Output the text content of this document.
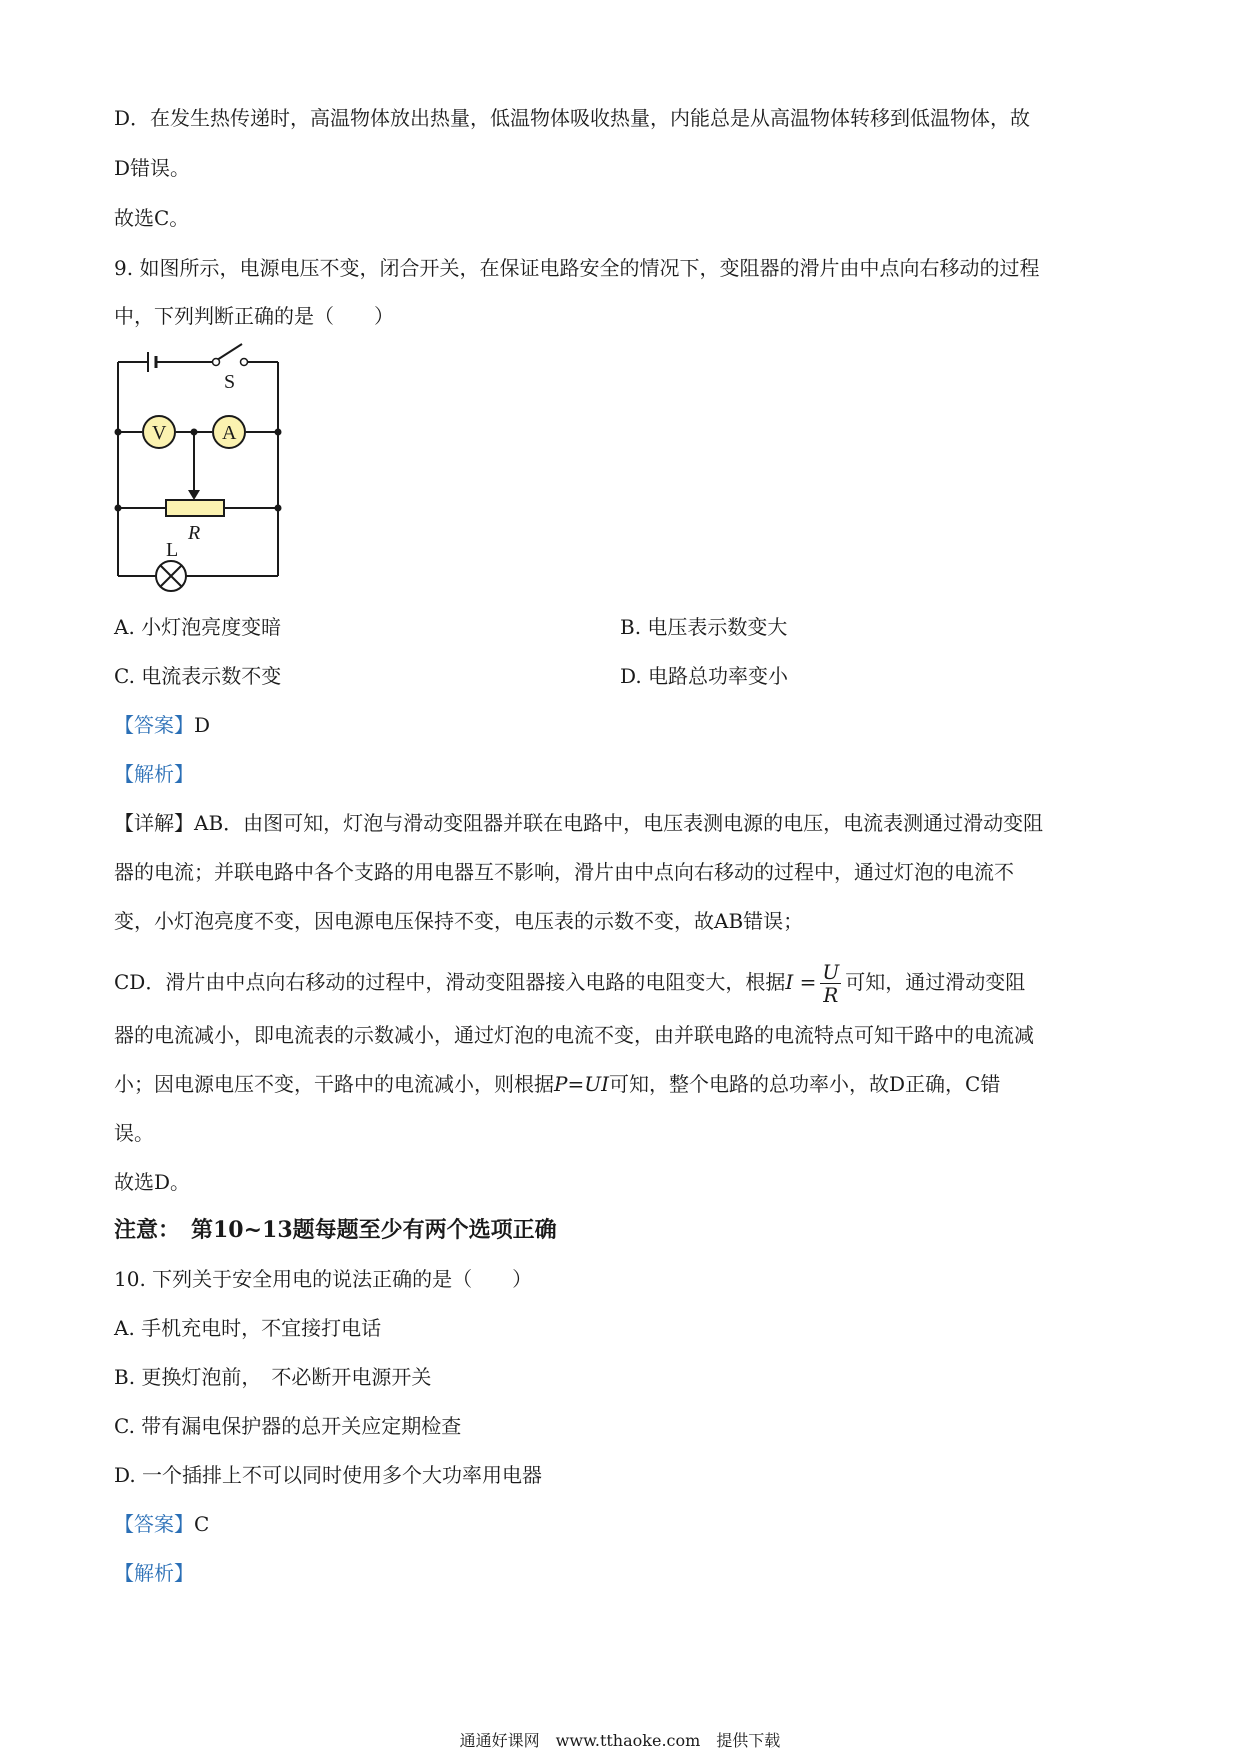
D．在发生热传递时，高温物体放出热量，低温物体吸收热量，内能总是从高温物体转移到低温物体，故
D错误。
故选C。
9. 如图所示，电源电压不变，闭合开关，在保证电路安全的情况下，变阻器的滑片由中点向右移动的过程
中，下列判断正确的是（　　）
S
V	A
R
L
A. 小灯泡亮度变暗	B. 电压表示数变大
C. 电流表示数不变	D. 电路总功率变小
【答案】D
【解析】
【详解】AB．由图可知，灯泡与滑动变阻器并联在电路中，电压表测电源的电压，电流表测通过滑动变阻
器的电流；并联电路中各个支路的用电器互不影响，滑片由中点向右移动的过程中，通过灯泡的电流不
变，小灯泡亮度不变，因电源电压保持不变，电压表的示数不变，故AB错误；
CD．滑片由中点向右移动的过程中，滑动变阻器接入电路的电阻变大，根据$I = \frac{U}{R}$ 可知，通过滑动变阻
器的电流减小，即电流表的示数减小，通过灯泡的电流不变，由并联电路的电流特点可知干路中的电流减
小；因电源电压不变，干路中的电流减小，则根据P=UI可知，整个电路的总功率小，故D正确，C错
误。
故选D。
注意：　第10~13题每题至少有两个选项正确
10. 下列关于安全用电的说法正确的是（　　）
A. 手机充电时，不宜接打电话
B. 更换灯泡前，　不必断开电源开关
C. 带有漏电保护器的总开关应定期检查
D. 一个插排上不可以同时使用多个大功率用电器
【答案】C
【解析】
通通好课网　www.tthaoke.com　提供下载
